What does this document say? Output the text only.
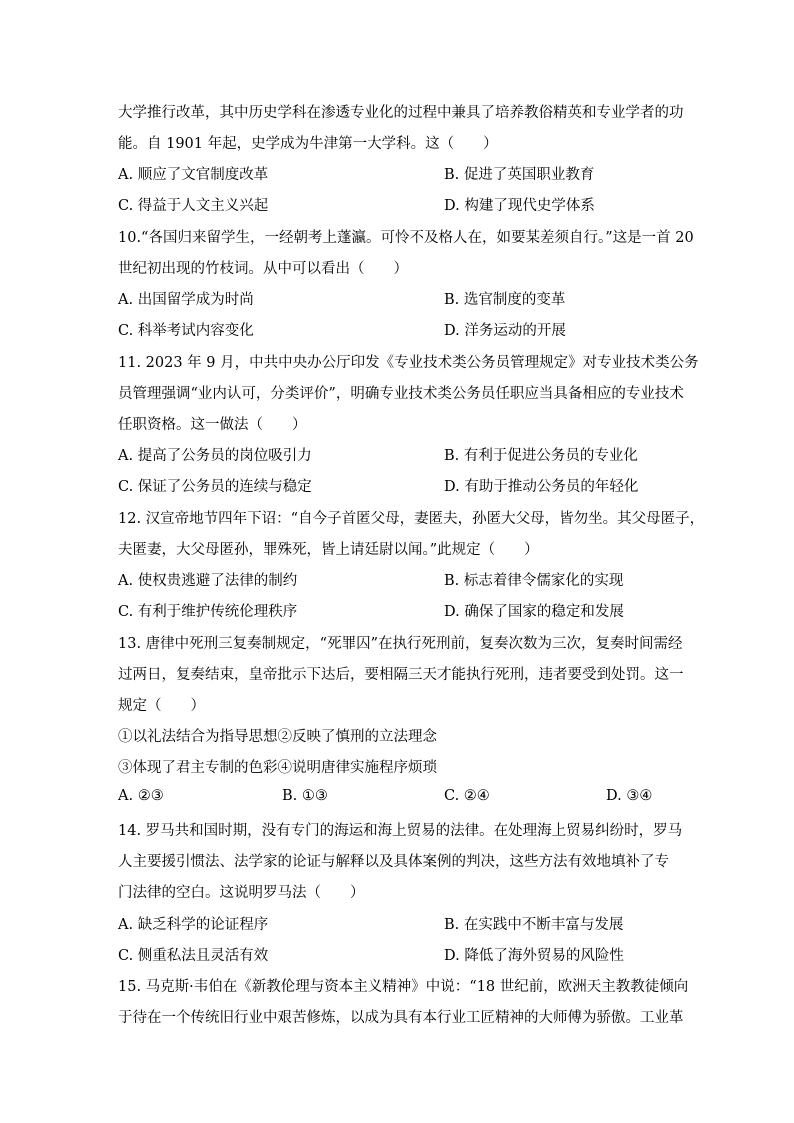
大学推行改革，其中历史学科在渗透专业化的过程中兼具了培养教俗精英和专业学者的功
能。自 1901 年起，史学成为牛津第一大学科。这（　　）
A. 顺应了文官制度改革	B. 促进了英国职业教育
C. 得益于人文主义兴起	D. 构建了现代史学体系
10.“各国归来留学生，一经朝考上蓬瀛。可怜不及格人在，如要某差须自行。”这是一首 20
世纪初出现的竹枝词。从中可以看出（　　）
A. 出国留学成为时尚	B. 选官制度的变革
C. 科举考试内容变化	D. 洋务运动的开展
11. 2023 年 9 月，中共中央办公厅印发《专业技术类公务员管理规定》对专业技术类公务
员管理强调“业内认可，分类评价”，明确专业技术类公务员任职应当具备相应的专业技术
任职资格。这一做法（　　）
A. 提高了公务员的岗位吸引力	B. 有利于促进公务员的专业化
C. 保证了公务员的连续与稳定	D. 有助于推动公务员的年轻化
12. 汉宣帝地节四年下诏：“自今子首匿父母，妻匿夫，孙匿大父母，皆勿坐。其父母匿子，
夫匿妻，大父母匿孙，罪殊死，皆上请廷尉以闻。”此规定（　　）
A. 使权贵逃避了法律的制约	B. 标志着律令儒家化的实现
C. 有利于维护传统伦理秩序	D. 确保了国家的稳定和发展
13. 唐律中死刑三复奏制规定，“死罪囚”在执行死刑前，复奏次数为三次，复奏时间需经
过两日，复奏结束，皇帝批示下达后，要相隔三天才能执行死刑，违者要受到处罚。这一
规定（　　）
①以礼法结合为指导思想②反映了慎刑的立法理念
③体现了君主专制的色彩④说明唐律实施程序烦琐
A. ②③	B. ①③	C. ②④	D. ③④
14. 罗马共和国时期，没有专门的海运和海上贸易的法律。在处理海上贸易纠纷时，罗马
人主要援引惯法、法学家的论证与解释以及具体案例的判决，这些方法有效地填补了专
门法律的空白。这说明罗马法（　　）
A. 缺乏科学的论证程序	B. 在实践中不断丰富与发展
C. 侧重私法且灵活有效	D. 降低了海外贸易的风险性
15. 马克斯·韦伯在《新教伦理与资本主义精神》中说：“18 世纪前，欧洲天主教教徒倾向
于待在一个传统旧行业中艰苦修炼，以成为具有本行业工匠精神的大师傅为骄傲。工业革
